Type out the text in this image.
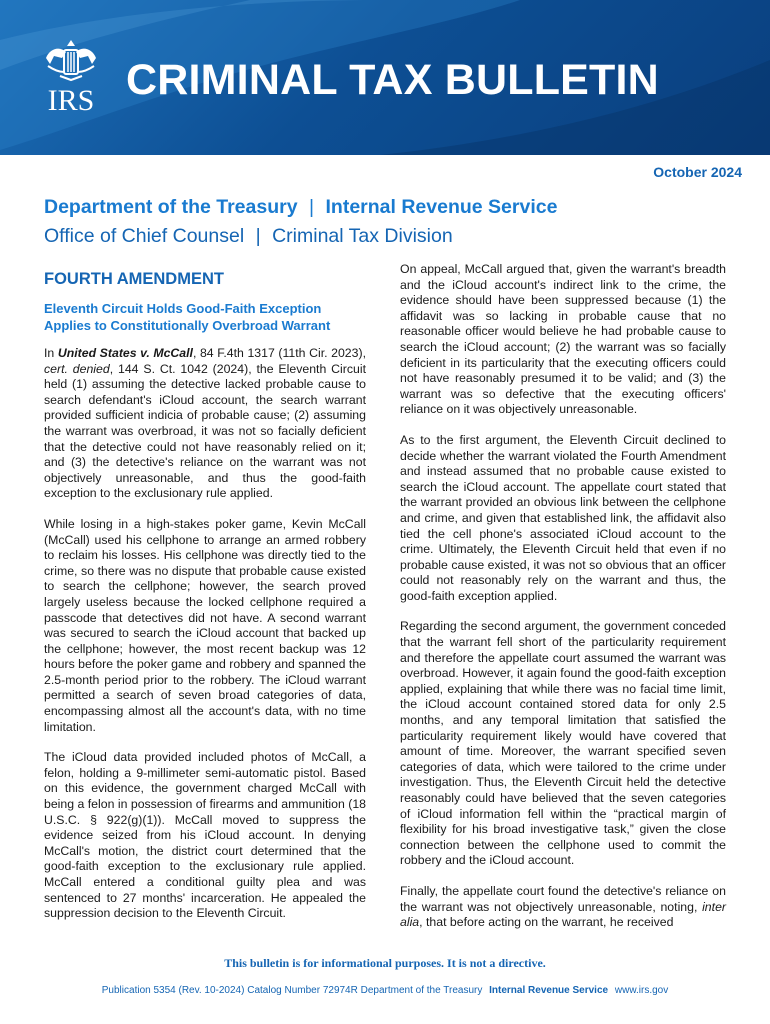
IRS CRIMINAL TAX BULLETIN
October 2024
Department of the Treasury | Internal Revenue Service
Office of Chief Counsel | Criminal Tax Division
FOURTH AMENDMENT
Eleventh Circuit Holds Good-Faith Exception Applies to Constitutionally Overbroad Warrant

In United States v. McCall, 84 F.4th 1317 (11th Cir. 2023), cert. denied, 144 S. Ct. 1042 (2024), the Eleventh Circuit held (1) assuming the detective lacked probable cause to search defendant's iCloud account, the search warrant provided sufficient indicia of probable cause; (2) assuming the warrant was overbroad, it was not so facially deficient that the detective could not have reasonably relied on it; and (3) the detective's reliance on the warrant was not objectively unreasonable, and thus the good-faith exception to the exclusionary rule applied.

While losing in a high-stakes poker game, Kevin McCall (McCall) used his cellphone to arrange an armed robbery to reclaim his losses. His cellphone was directly tied to the crime, so there was no dispute that probable cause existed to search the cellphone; however, the search proved largely useless because the locked cellphone required a passcode that detectives did not have. A second warrant was secured to search the iCloud account that backed up the cellphone; however, the most recent backup was 12 hours before the poker game and robbery and spanned the 2.5-month period prior to the robbery. The iCloud warrant permitted a search of seven broad categories of data, encompassing almost all the account's data, with no time limitation.

The iCloud data provided included photos of McCall, a felon, holding a 9-millimeter semi-automatic pistol. Based on this evidence, the government charged McCall with being a felon in possession of firearms and ammunition (18 U.S.C. § 922(g)(1)). McCall moved to suppress the evidence seized from his iCloud account. In denying McCall's motion, the district court determined that the good-faith exception to the exclusionary rule applied. McCall entered a conditional guilty plea and was sentenced to 27 months' incarceration. He appealed the suppression decision to the Eleventh Circuit.

On appeal, McCall argued that, given the warrant's breadth and the iCloud account's indirect link to the crime, the evidence should have been suppressed because (1) the affidavit was so lacking in probable cause that no reasonable officer would believe he had probable cause to search the iCloud account; (2) the warrant was so facially deficient in its particularity that the executing officers could not have reasonably presumed it to be valid; and (3) the warrant was so defective that the executing officers' reliance on it was objectively unreasonable.

As to the first argument, the Eleventh Circuit declined to decide whether the warrant violated the Fourth Amendment and instead assumed that no probable cause existed to search the iCloud account. The appellate court stated that the warrant provided an obvious link between the cellphone and crime, and given that established link, the affidavit also tied the cell phone's associated iCloud account to the crime. Ultimately, the Eleventh Circuit held that even if no probable cause existed, it was not so obvious that an officer could not reasonably rely on the warrant and thus, the good-faith exception applied.

Regarding the second argument, the government conceded that the warrant fell short of the particularity requirement and therefore the appellate court assumed the warrant was overbroad. However, it again found the good-faith exception applied, explaining that while there was no facial time limit, the iCloud account contained stored data for only 2.5 months, and any temporal limitation that satisfied the particularity requirement likely would have covered that amount of time. Moreover, the warrant specified seven categories of data, which were tailored to the crime under investigation. Thus, the Eleventh Circuit held the detective reasonably could have believed that the seven categories of iCloud information fell within the “practical margin of flexibility for his broad investigative task,” given the close connection between the cellphone used to commit the robbery and the iCloud account.

Finally, the appellate court found the detective's reliance on the warrant was not objectively unreasonable, noting, inter alia, that before acting on the warrant, he received

This bulletin is for informational purposes. It is not a directive.
Publication 5354 (Rev. 10-2024) Catalog Number 72974R Department of the Treasury Internal Revenue Service www.irs.gov
